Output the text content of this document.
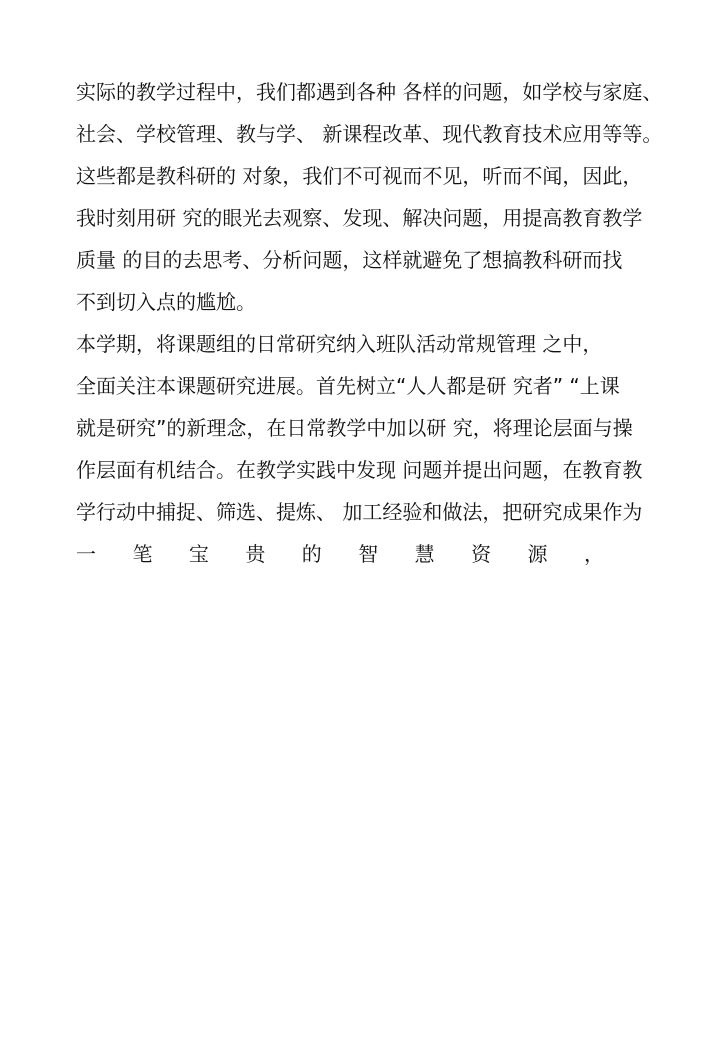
实际的教学过程中，我们都遇到各种 各样的问题，如学校与家庭、
社会、学校管理、教与学、 新课程改革、现代教育技术应用等等。
这些都是教科研的 对象，我们不可视而不见，听而不闻，因此，
我时刻用研 究的眼光去观察、发现、解决问题，用提高教育教学
质量 的目的去思考、分析问题，这样就避免了想搞教科研而找
不到切入点的尴尬。
本学期，将课题组的日常研究纳入班队活动常规管理 之中，
全面关注本课题研究进展。首先树立“人人都是研 究者” “上课
就是研究”的新理念，在日常教学中加以研 究，将理论层面与操
作层面有机结合。在教学实践中发现 问题并提出问题，在教育教
学行动中捕捉、筛选、提炼、 加工经验和做法，把研究成果作为
一 笔 宝 贵 的 智 慧 资 源 ，
